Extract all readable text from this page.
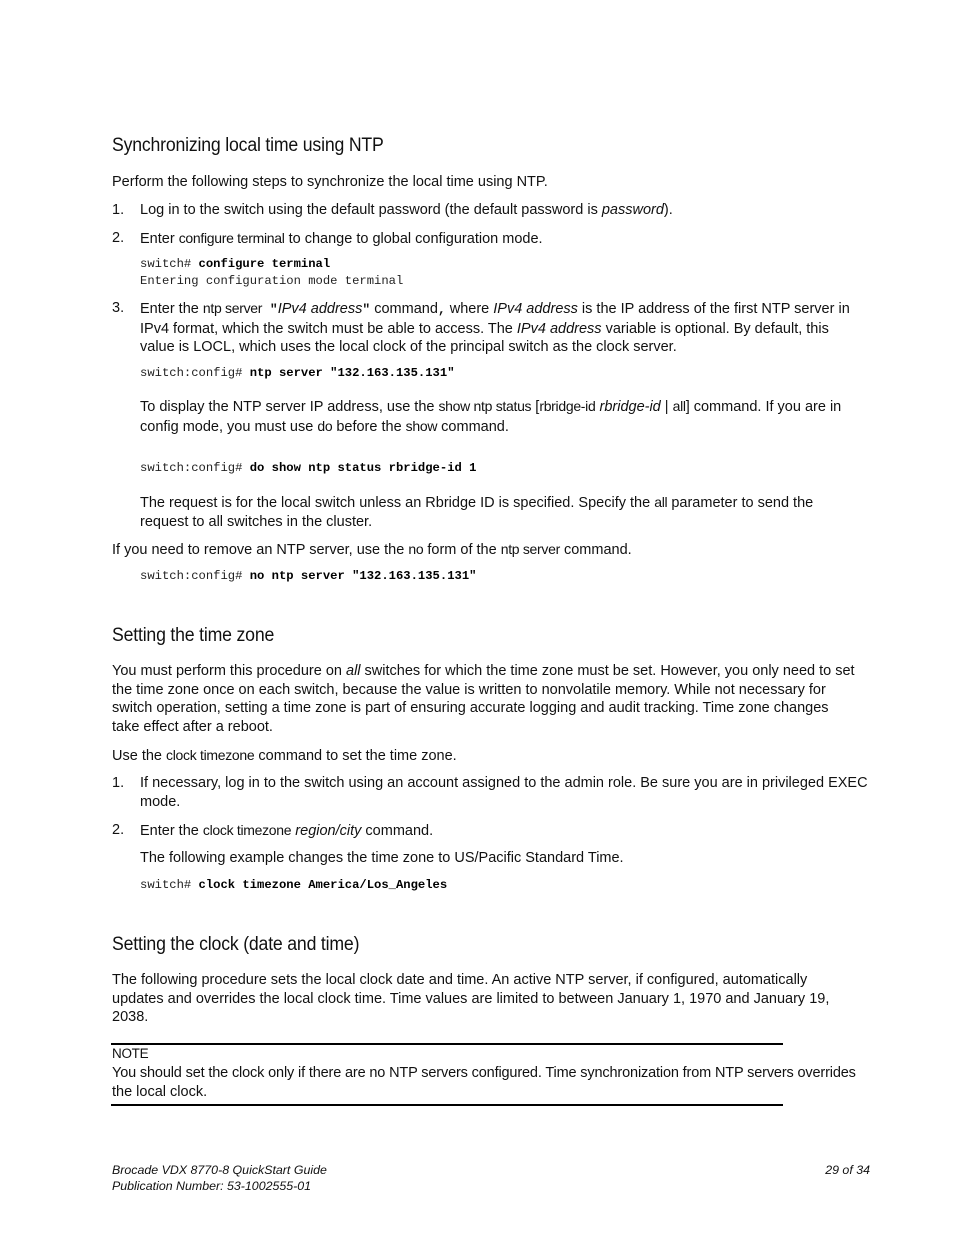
Synchronizing local time using NTP

Perform the following steps to synchronize the local time using NTP.

1. Log in to the switch using the default password (the default password is password).

2. Enter configure terminal to change to global configuration mode.

switch# configure terminal
Entering configuration mode terminal
3. Enter the ntp server "IPv4 address" command, where IPv4 address is the IP address of the first NTP server in
IPv4 format, which the switch must be able to access. The IPv4 address variable is optional. By default, this
value is LOCL, which uses the local clock of the principal switch as the clock server.
switch:config# ntp server "132.163.135.131"
To display the NTP server IP address, use the show ntp status [rbridge-id rbridge-id | all] command. If you are in
config mode, you must use do before the show command.
switch:config# do show ntp status rbridge-id 1
The request is for the local switch unless an Rbridge ID is specified. Specify the all parameter to send the
request to all switches in the cluster.

If you need to remove an NTP server, use the no form of the ntp server command.

switch:config# no ntp server "132.163.135.131"
Setting the time zone
You must perform this procedure on all switches for which the time zone must be set. However, you only need to set
the time zone once on each switch, because the value is written to nonvolatile memory. While not necessary for
switch operation, setting a time zone is part of ensuring accurate logging and audit tracking. Time zone changes
take effect after a reboot.

Use the clock timezone command to set the time zone.

1. If necessary, log in to the switch using an account assigned to the admin role. Be sure you are in privileged EXEC
mode.
2. Enter the clock timezone region/city command.

The following example changes the time zone to US/Pacific Standard Time.

switch# clock timezone America/Los_Angeles
Setting the clock (date and time)
The following procedure sets the local clock date and time. An active NTP server, if configured, automatically
updates and overrides the local clock time. Time values are limited to between January 1, 1970 and January 19,
2038.
NOTE
You should set the clock only if there are no NTP servers configured. Time synchronization from NTP servers overrides
the local clock.
Brocade VDX 8770-8 QuickStart Guide
Publication Number: 53-1002555-01
29 of 34
